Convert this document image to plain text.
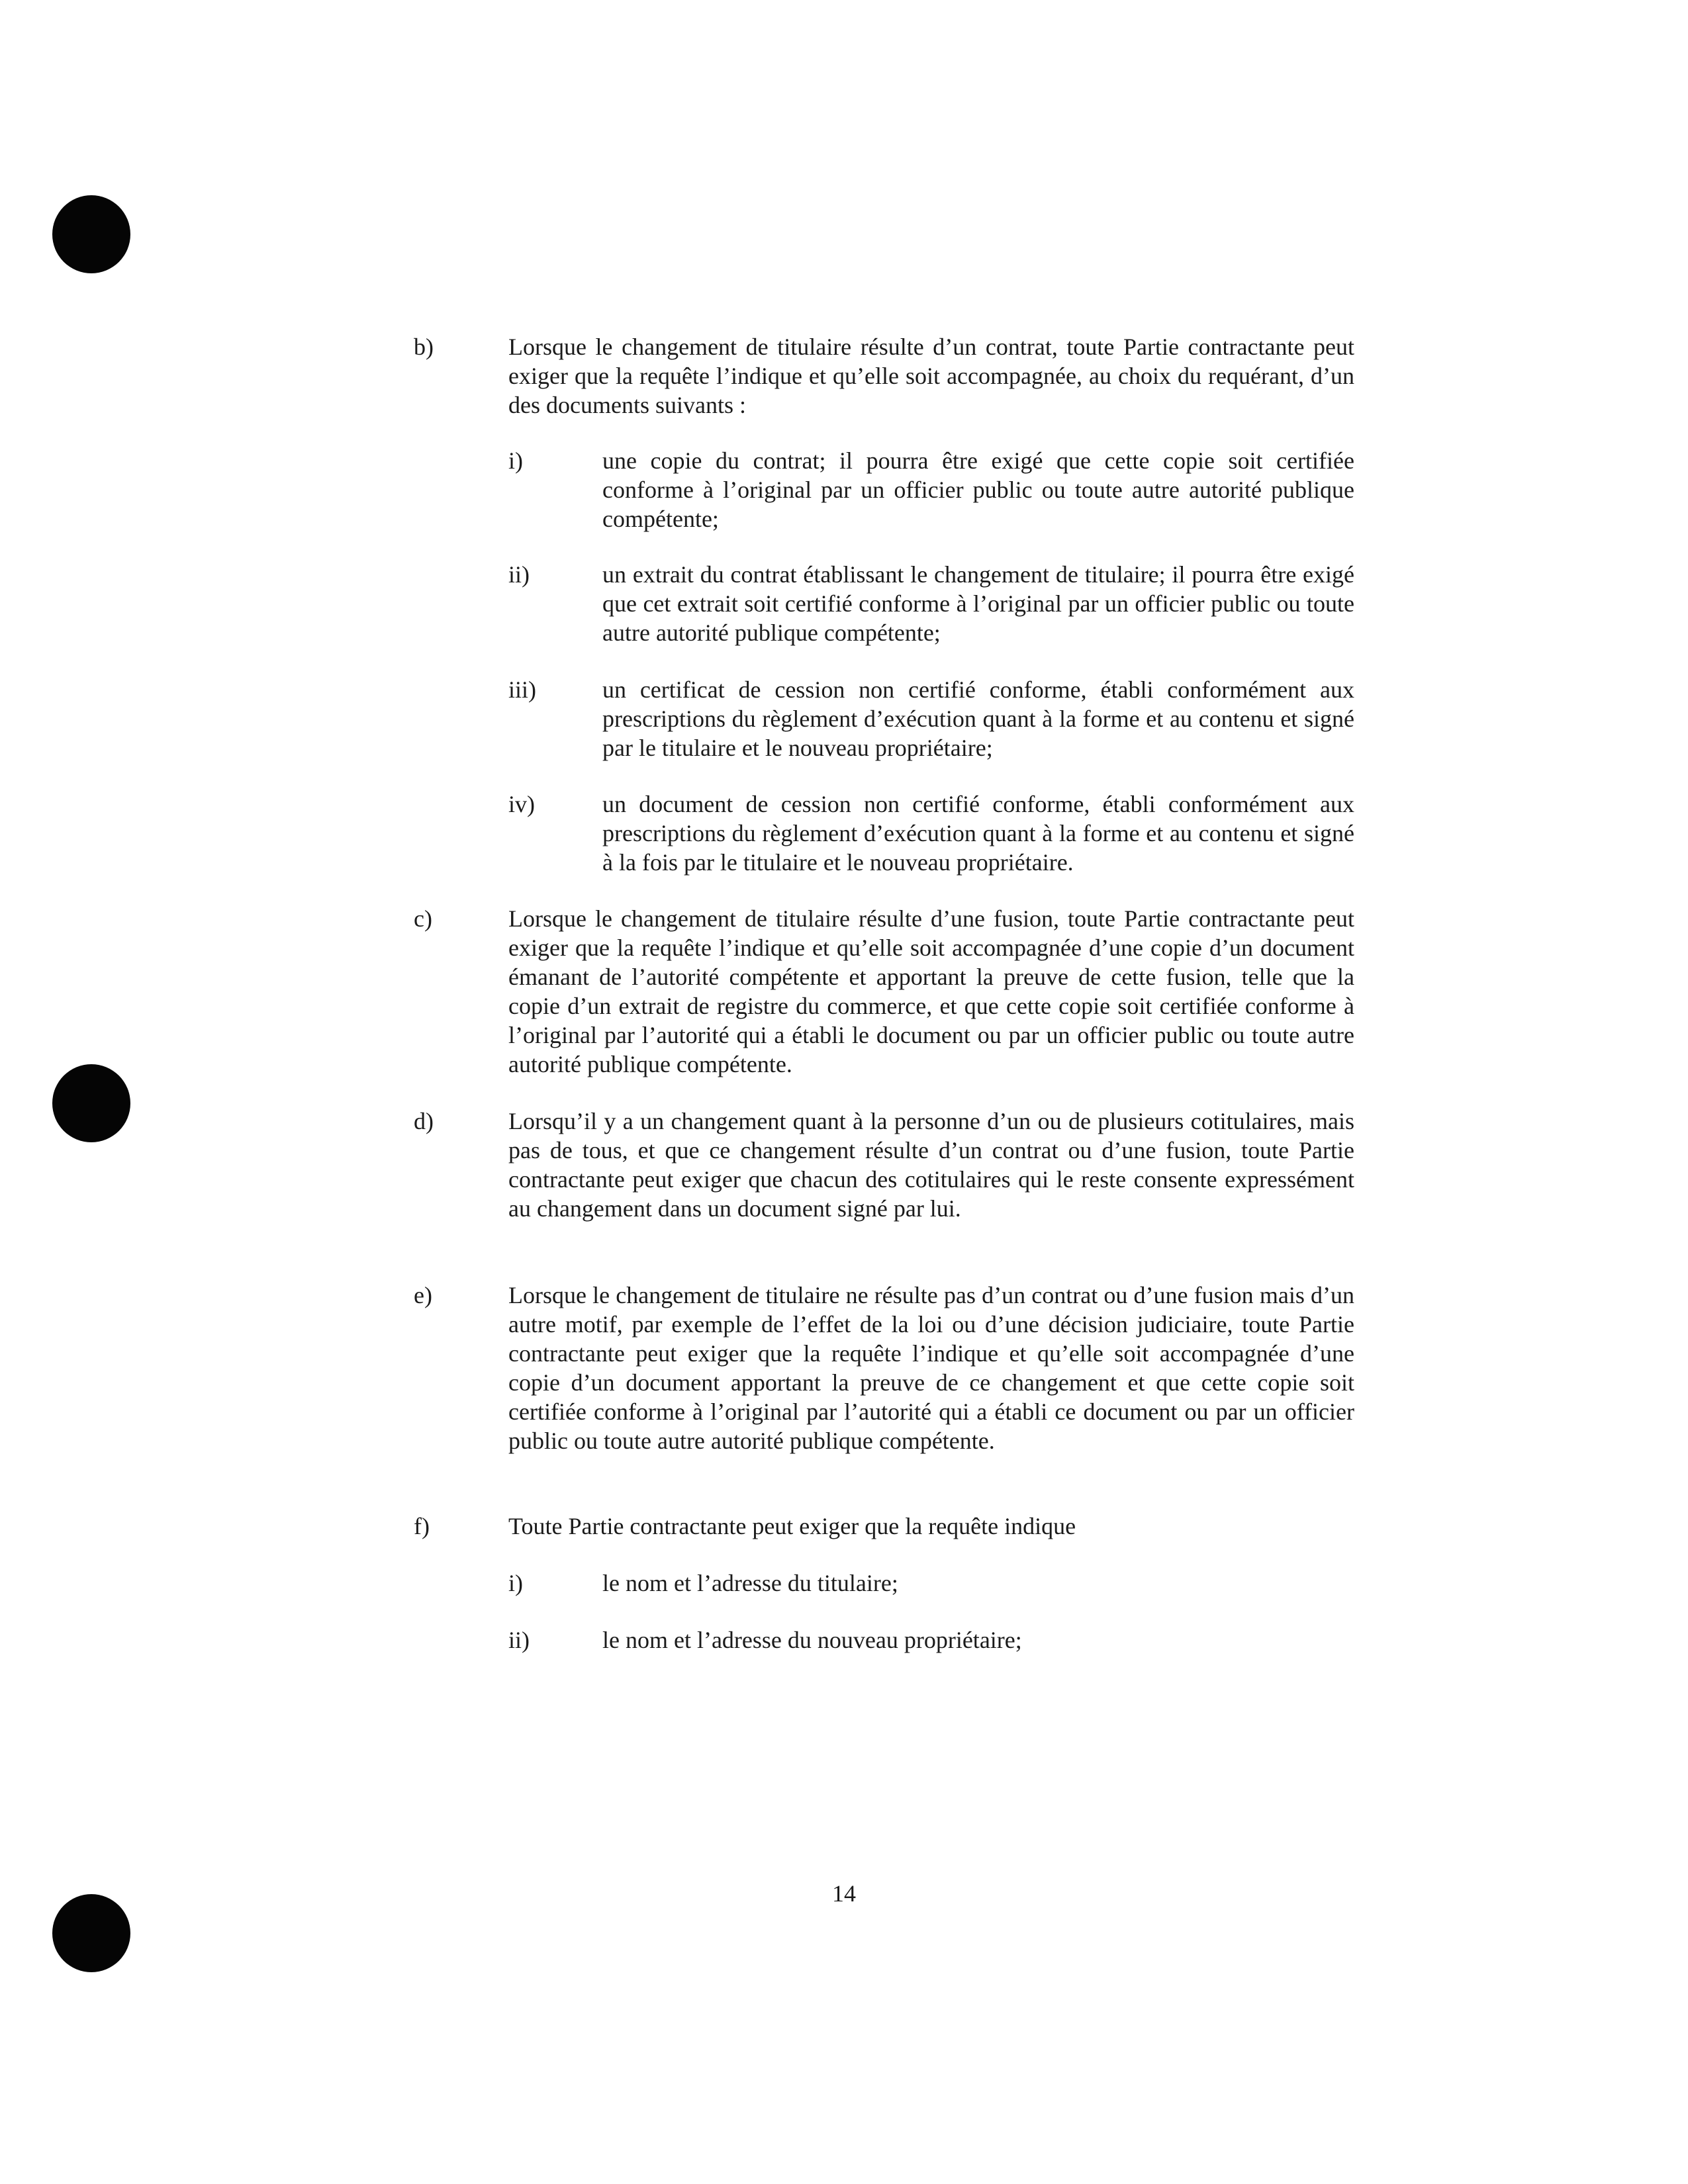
b)	Lorsque le changement de titulaire résulte d’un contrat, toute Partie contractante peut exiger que la requête l’indique et qu’elle soit accompagnée, au choix du requérant, d’un des documents suivants :
i)	une copie du contrat; il pourra être exigé que cette copie soit certifiée conforme à l’original par un officier public ou toute autre autorité publique compétente;
ii)	un extrait du contrat établissant le changement de titulaire; il pourra être exigé que cet extrait soit certifié conforme à l’original par un officier public ou toute autre autorité publique compétente;
iii)	un certificat de cession non certifié conforme, établi conformément aux prescriptions du règlement d’exécution quant à la forme et au contenu et signé par le titulaire et le nouveau propriétaire;
iv)	un document de cession non certifié conforme, établi conformément aux prescriptions du règlement d’exécution quant à la forme et au contenu et signé à la fois par le titulaire et le nouveau propriétaire.
c)	Lorsque le changement de titulaire résulte d’une fusion, toute Partie contractante peut exiger que la requête l’indique et qu’elle soit accompagnée d’une copie d’un document émanant de l’autorité compétente et apportant la preuve de cette fusion, telle que la copie d’un extrait de registre du commerce, et que cette copie soit certifiée conforme à l’original par l’autorité qui a établi le document ou par un officier public ou toute autre autorité publique compétente.
d)	Lorsqu’il y a un changement quant à la personne d’un ou de plusieurs cotitulaires, mais pas de tous, et que ce changement résulte d’un contrat ou d’une fusion, toute Partie contractante peut exiger que chacun des cotitulaires qui le reste consente expressément au changement dans un document signé par lui.
e)	Lorsque le changement de titulaire ne résulte pas d’un contrat ou d’une fusion mais d’un autre motif, par exemple de l’effet de la loi ou d’une décision judiciaire, toute Partie contractante peut exiger que la requête l’indique et qu’elle soit accompagnée d’une copie d’un document apportant la preuve de ce changement et que cette copie soit certifiée conforme à l’original par l’autorité qui a établi ce document ou par un officier public ou toute autre autorité publique compétente.
f)	Toute Partie contractante peut exiger que la requête indique
i)	le nom et l’adresse du titulaire;
ii)	le nom et l’adresse du nouveau propriétaire;
14
